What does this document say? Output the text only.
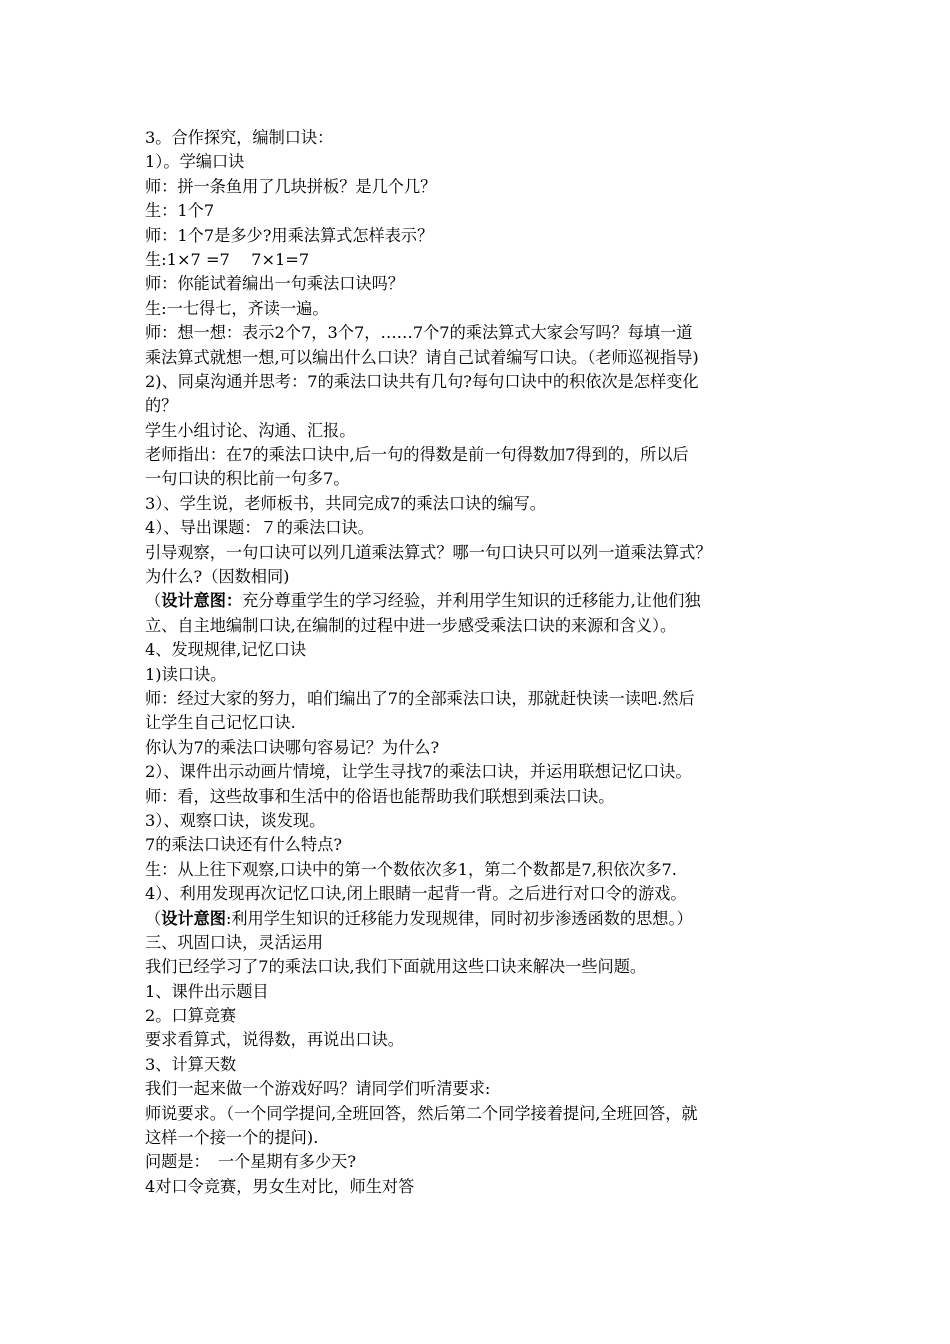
3。合作探究，编制口诀：
1）。学编口诀
师：拼一条鱼用了几块拼板？是几个几？
生：1个7
师：1个7是多少?用乘法算式怎样表示？
生:1×7 =7　 7×1=7
师：你能试着编出一句乘法口诀吗？
生:一七得七，齐读一遍。
师：想一想：表示2个7，3个7，……7个7的乘法算式大家会写吗？每填一道
乘法算式就想一想,可以编出什么口诀？请自己试着编写口诀。（老师巡视指导)
2)、同桌沟通并思考：7的乘法口诀共有几句?每句口诀中的积依次是怎样变化
的？
学生小组讨论、沟通、汇报。
老师指出：在7的乘法口诀中,后一句的得数是前一句得数加7得到的，所以后
一句口诀的积比前一句多7。
3）、学生说，老师板书，共同完成7的乘法口诀的编写。
4）、导出课题：７的乘法口诀。
引导观察，一句口诀可以列几道乘法算式？哪一句口诀只可以列一道乘法算式？
为什么?（因数相同)
（设计意图：充分尊重学生的学习经验，并利用学生知识的迁移能力,让他们独
立、自主地编制口诀,在编制的过程中进一步感受乘法口诀的来源和含义）。
4、发现规律,记忆口诀
1)读口诀。
师：经过大家的努力，咱们编出了7的全部乘法口诀，那就赶快读一读吧.然后
让学生自己记忆口诀.
你认为7的乘法口诀哪句容易记？为什么?
2）、课件出示动画片情境，让学生寻找7的乘法口诀，并运用联想记忆口诀。
师：看，这些故事和生活中的俗语也能帮助我们联想到乘法口诀。
3）、观察口诀，谈发现。
7的乘法口诀还有什么特点?
生：从上往下观察,口诀中的第一个数依次多1，第二个数都是7,积依次多7.
4）、利用发现再次记忆口诀,闭上眼睛一起背一背。之后进行对口令的游戏。
（设计意图:利用学生知识的迁移能力发现规律，同时初步渗透函数的思想。）
三、巩固口诀，灵活运用
我们已经学习了7的乘法口诀,我们下面就用这些口诀来解决一些问题。
1、课件出示题目
2。口算竞赛
要求看算式，说得数，再说出口诀。
3、计算天数
我们一起来做一个游戏好吗？请同学们听清要求:
师说要求。（一个同学提问,全班回答，然后第二个同学接着提问,全班回答，就
这样一个接一个的提问).
问题是：　一个星期有多少天?
4对口令竞赛，男女生对比，师生对答
